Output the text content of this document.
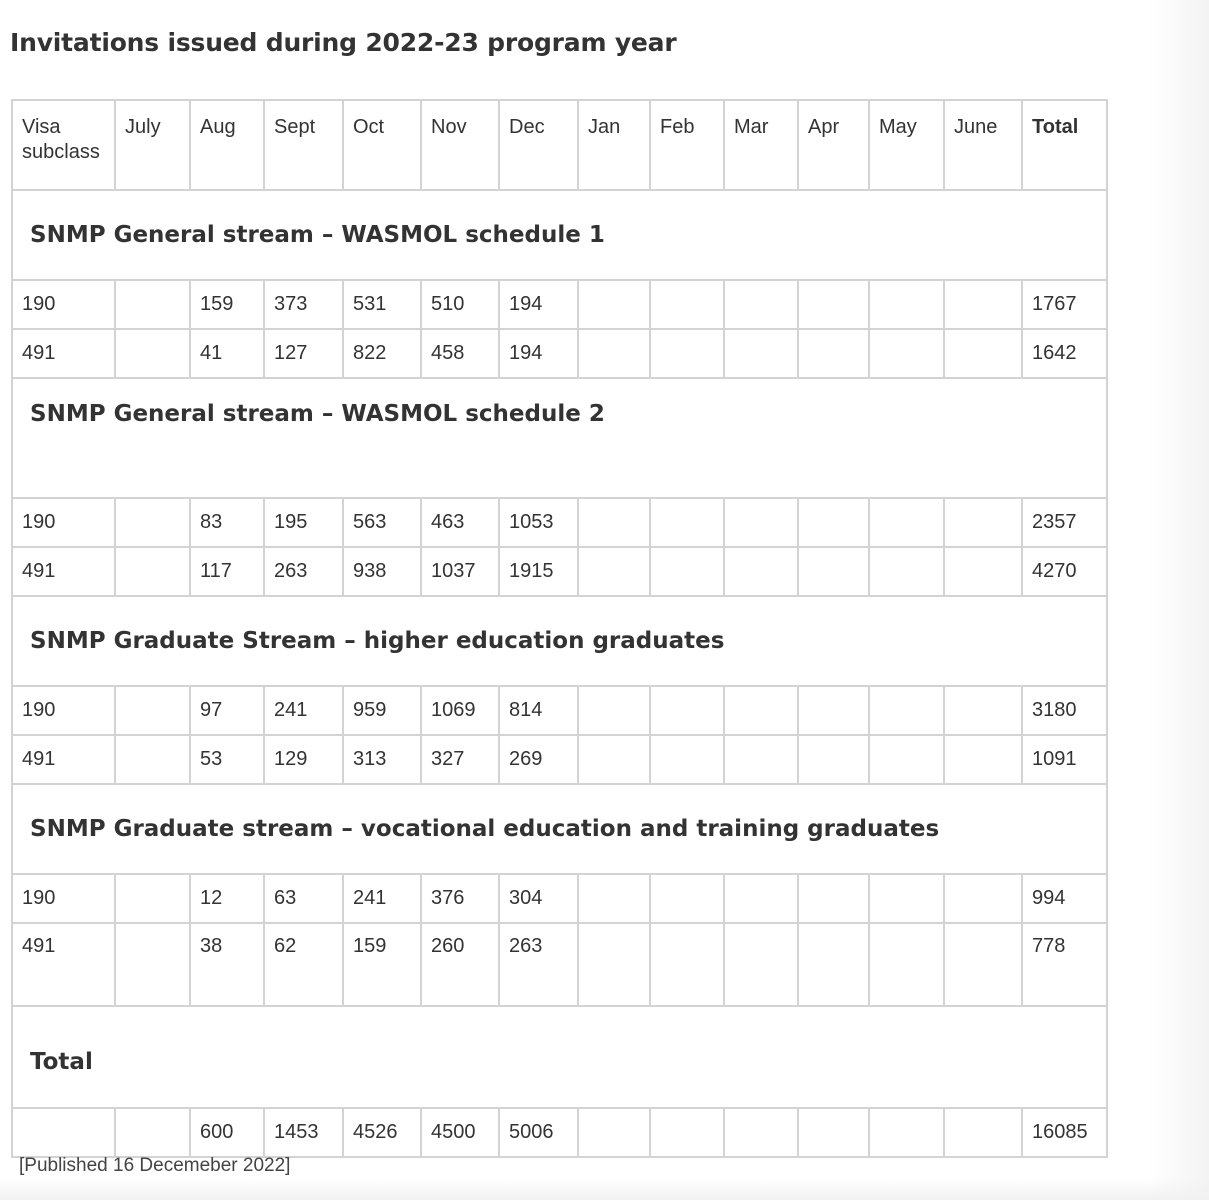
Invitations issued during 2022-23 program year
Visa subclass	July	Aug	Sept	Oct	Nov	Dec	Jan	Feb	Mar	Apr	May	June	Total
SNMP General stream – WASMOL schedule 1													
190		159	373	531	510	194							1767
491		41	127	822	458	194							1642
SNMP General stream – WASMOL schedule 2													
190		83	195	563	463	1053							2357
491		117	263	938	1037	1915							4270
SNMP Graduate Stream – higher education graduates													
190		97	241	959	1069	814							3180
491		53	129	313	327	269							1091
SNMP Graduate stream – vocational education and training graduates													
190		12	63	241	376	304							994
491		38	62	159	260	263							778
Total													
		600	1453	4526	4500	5006							16085
[Published 16 Decemeber 2022]
